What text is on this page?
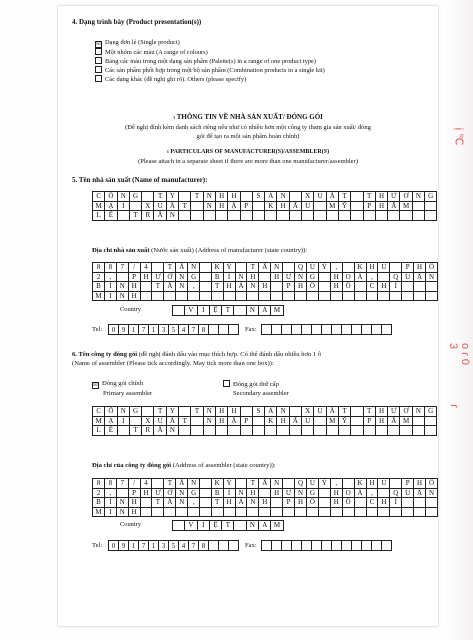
4. Dạng trình bày (Product presentation(s))
☒ Dạng đơn lẻ (Single product)
Một nhóm các màu (A range of colours)
Bảng các màu trong một dạng sản phẩm (Palette(s) in a range of one product type)
Các sản phẩm phối hợp trong một bộ sản phẩm (Combination products in a single kit)
Các dạng khác (đề nghị ghi rõ). Others (please specify)
1 THÔNG TIN VỀ NHÀ SẢN XUẤT/ ĐÓNG GÓI
(Đề nghị đính kèm danh sách riêng nếu như có nhiều hơn một công ty tham gia sản xuất/ đóng
gói để tạo ra một sản phẩm hoàn chỉnh)
1 PARTICULARS OF MANUFACTURER(S)/ASSEMBLER(S)
(Please attach in a separate sheet if there are more than one manufacturer/assembler)
5. Tên nhà sản xuất (Name of manufacturer):
C	Ô	N	G		T	Y		T	N	H	H		S	Ả	N		X	U	Ấ	T		T	H	Ư	Ơ	N	G
M	Ạ	I		X	U	Ấ	T		N	H	Ậ	P		K	H	Ẩ	U		M	Ỹ		P	H	Ẩ	M		
L	Ê		T	R	Â	N																					
Địa chỉ nhà sản xuất (Nước sản xuất) (Address of manufacturer (state country)):
8	8	7	/	4		T	Â	N		K	Ỳ		T	Â	N		Q	U	Ý	,		K	H	U		P	H	Ố
2	,		P	H	Ư	Ờ	N	G		B	Ì	N	H		H	Ư	N	G		H	O	À	,		Q	U	Ậ	N
B	Ì	N	H		T	Â	N	,		T	H	À	N	H		P	H	Ố		H	Ồ		C	H	Í			
M	I	N	H																									
Country
		V	I	Ệ	T		N	A	M
Tel: 0	9	1	7	1	3	5	4	7	8				Fax:

6. Tên công ty đóng gói (đề nghị đánh dấu vào mục thích hợp. Có thể đánh dấu nhiều hơn 1 ô
(Name of assembler (Please tick accordingly. May tick more than one box)):
☒ Đóng gói chính
Primary assembler
Đóng gói thứ cấp
Secondary assembler
C	Ô	N	G		T	Y		T	N	H	H		S	Ả	N		X	U	Ấ	T		T	H	Ư	Ơ	N	G
M	Ạ	I		X	U	Ấ	T		N	H	Ậ	P		K	H	Ẩ	U		M	Ỹ		P	H	Ẩ	M		
L	Ê		T	R	Â	N																					
Địa chỉ của công ty đóng gói (Address of assembler (state country)):
8	8	7	/	4		T	Â	N		K	Ỳ		T	Â	N		Q	U	Ý	,		K	H	U		P	H	Ố
2	,		P	H	Ư	Ờ	N	G		B	Ì	N	H		H	Ư	N	G		H	O	À	,		Q	U	Ậ	N
B	Ì	N	H		T	Â	N	,		T	H	À	N	H		P	H	Ố		H	Ồ		C	H	Í			
M	I	N	H																									
Country
		V	I	Ệ	T		N	A	M
Tel: 0	9	1	7	1	3	5	4	7	8				Fax:

ị ℃
o ɾ 0 3
ɾ
